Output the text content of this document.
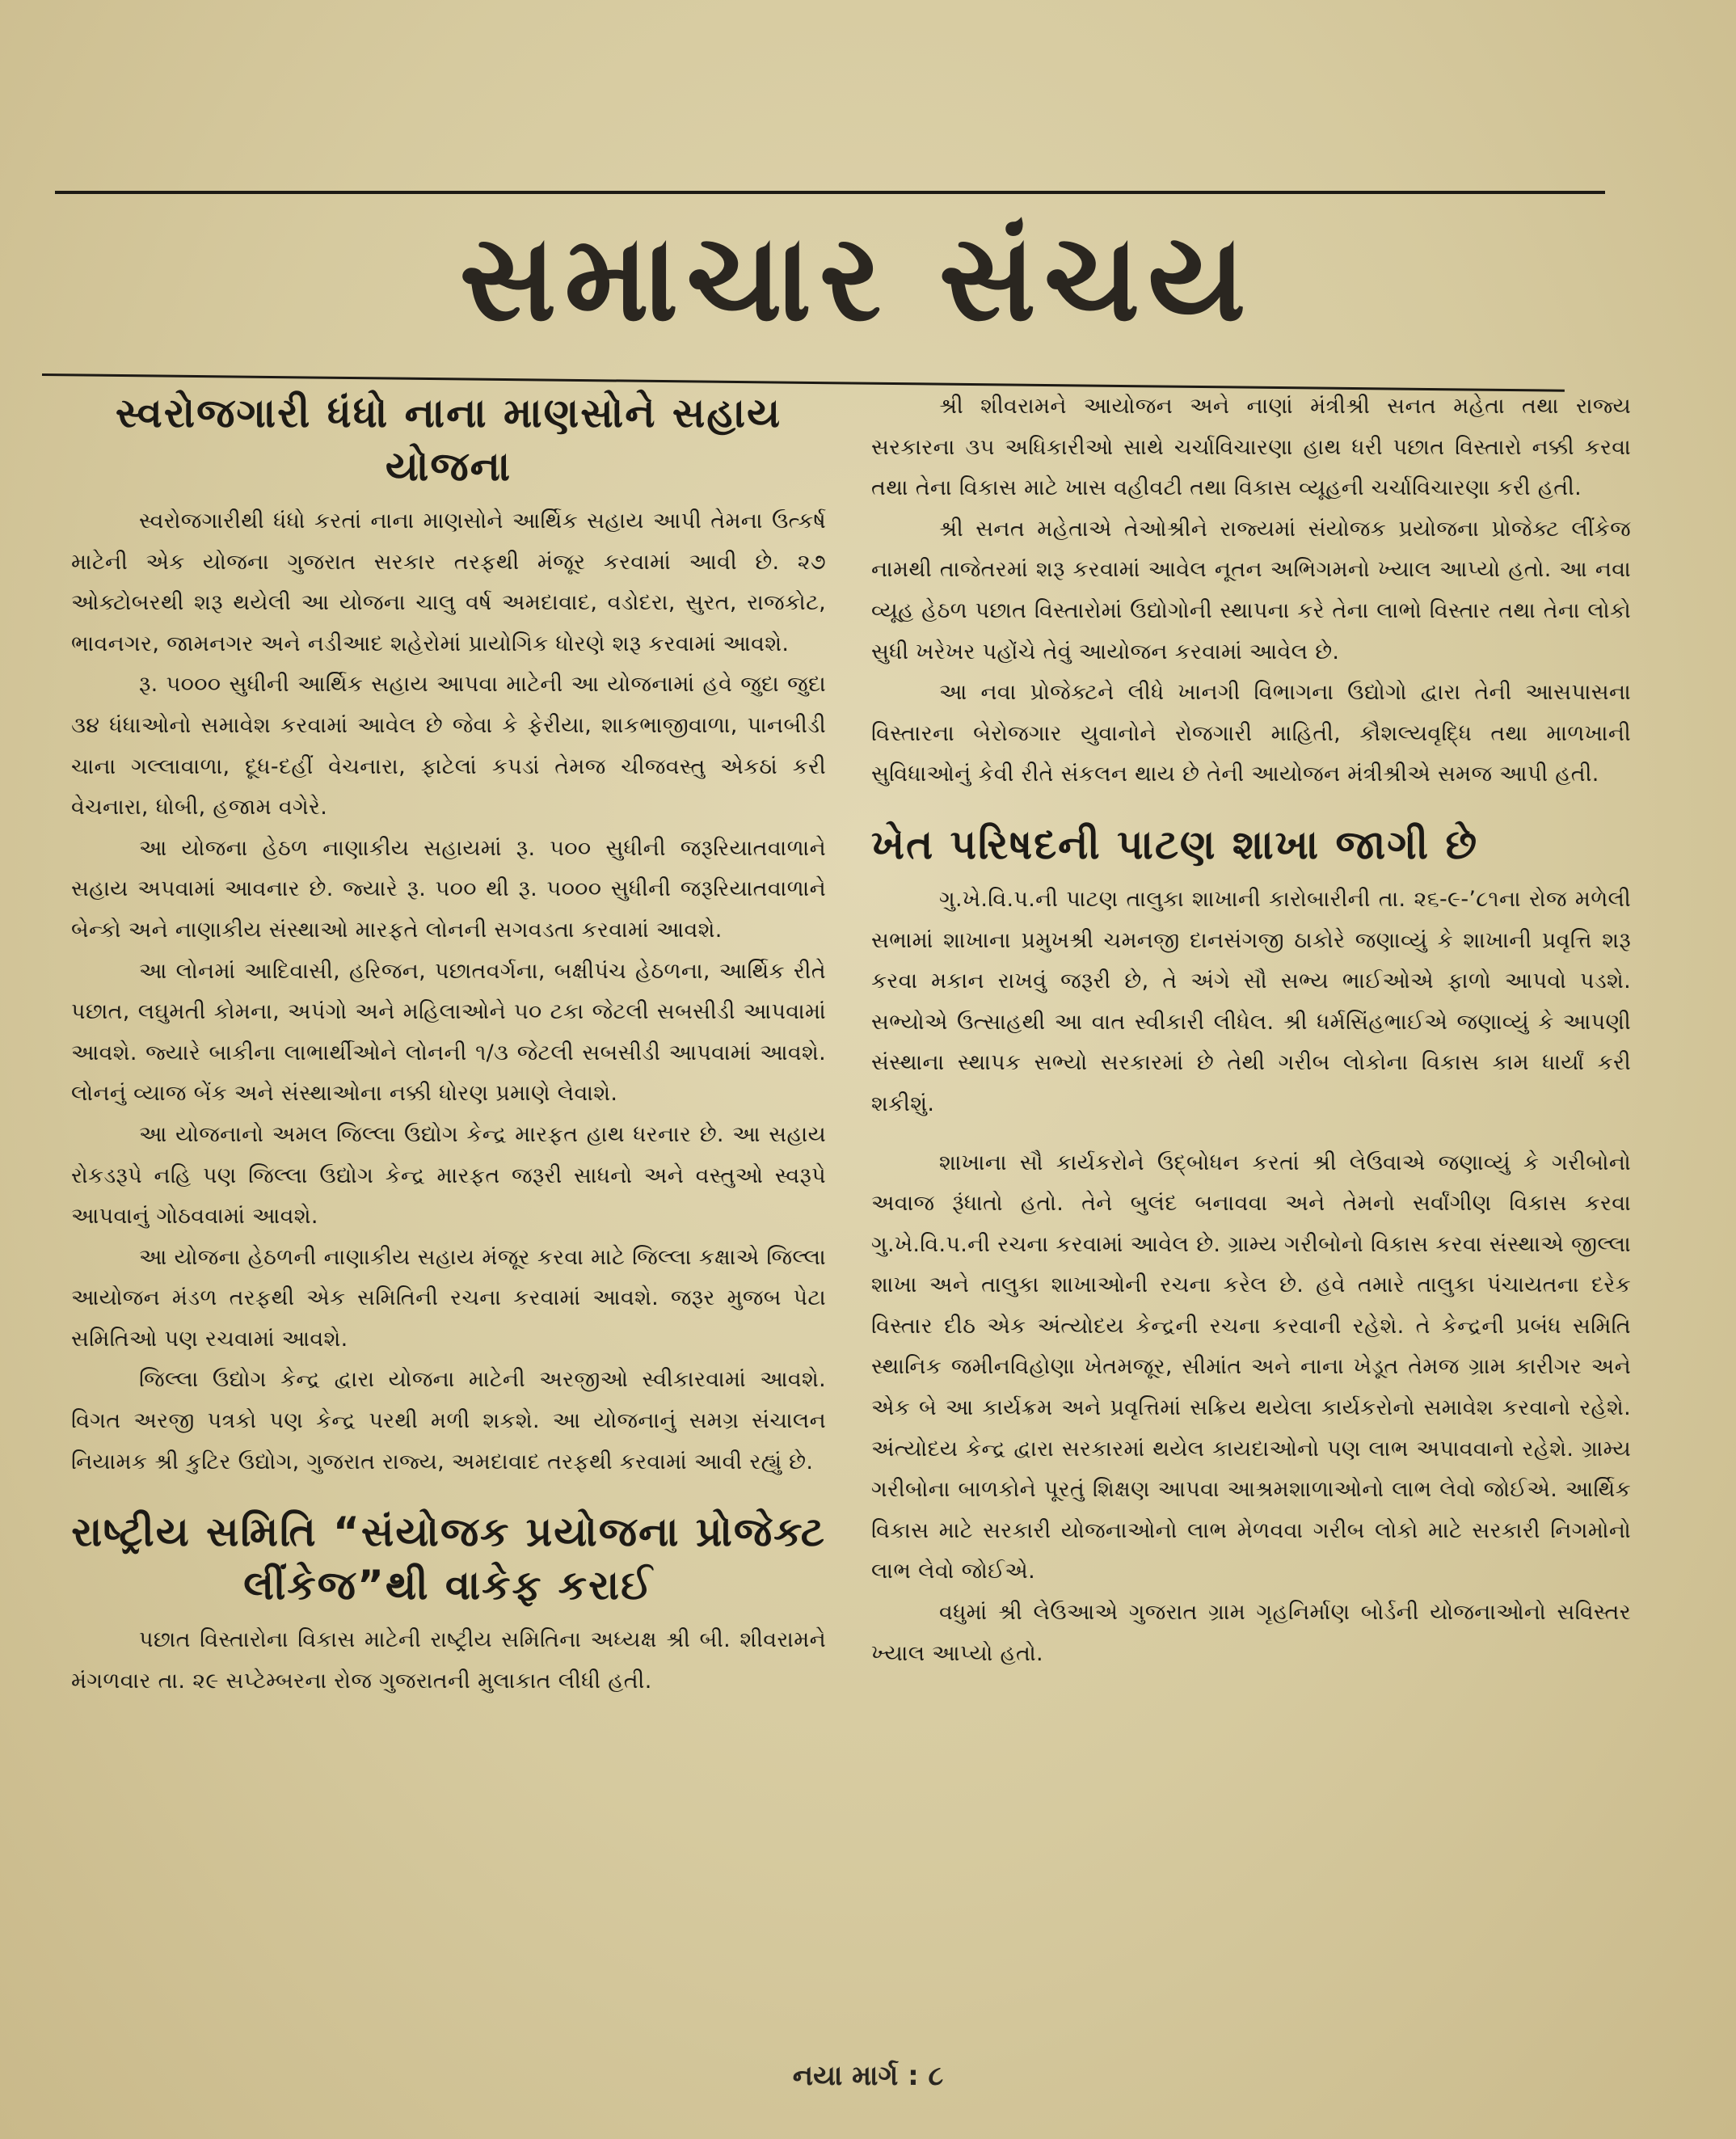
સમાચાર સંચય
સ્વરોજગારી ધંધો નાના માણસોને સહાય યોજના

સ્વરોજગારીથી ધંધો કરતાં નાના માણસોને આર્થિક સહાય આપી તેમના ઉત્કર્ષ માટેની એક યોજના ગુજરાત સરકાર તરફથી મંજૂર કરવામાં આવી છે. ૨૭ ઓક્ટોબરથી શરૂ થયેલી આ યોજના ચાલુ વર્ષ અમદાવાદ, વડોદરા, સુરત, રાજકોટ, ભાવનગર, જામનગર અને નડીઆદ શહેરોમાં પ્રાયોગિક ધોરણે શરૂ કરવામાં આવશે.

રૂ. ૫૦૦૦ સુધીની આર્થિક સહાય આપવા માટેની આ યોજનામાં હવે જુદા જુદા ૩૪ ધંધાઓનો સમાવેશ કરવામાં આવેલ છે જેવા કે ફેરીયા, શાકભાજીવાળા, પાનબીડી ચાના ગલ્લાવાળા, દૂધ-દહીં વેચનારા, ફાટેલાં કપડાં તેમજ ચીજવસ્તુ એકઠાં કરી વેચનારા, ધોબી, હજામ વગેરે.

આ યોજના હેઠળ નાણાકીય સહાયમાં રૂ. ૫૦૦ સુધીની જરૂરિયાતવાળાને સહાય અપવામાં આવનાર છે. જ્યારે રૂ. ૫૦૦ થી રૂ. ૫૦૦૦ સુધીની જરૂરિયાતવાળાને બેન્કો અને નાણાકીય સંસ્થાઓ મારફતે લોનની સગવડતા કરવામાં આવશે.

આ લોનમાં આદિવાસી, હરિજન, પછાતવર્ગના, બક્ષીપંચ હેઠળના, આર્થિક રીતે પછાત, લઘુમતી કોમના, અપંગો અને મહિલાઓને ૫૦ ટકા જેટલી સબસીડી આપવામાં આવશે. જ્યારે બાકીના લાભાર્થીઓને લોનની ૧/૩ જેટલી સબસીડી આપવામાં આવશે. લોનનું વ્યાજ બેંક અને સંસ્થાઓના નક્કી ધોરણ પ્રમાણે લેવાશે.

આ યોજનાનો અમલ જિલ્લા ઉદ્યોગ કેન્દ્ર મારફત હાથ ધરનાર છે. આ સહાય રોકડરૂપે નહિ પણ જિલ્લા ઉદ્યોગ કેન્દ્ર મારફત જરૂરી સાધનો અને વસ્તુઓ સ્વરૂપે આપવાનું ગોઠવવામાં આવશે.

આ યોજના હેઠળની નાણાકીય સહાય મંજૂર કરવા માટે જિલ્લા કક્ષાએ જિલ્લા આયોજન મંડળ તરફથી એક સમિતિની રચના કરવામાં આવશે. જરૂર મુજબ પેટા સમિતિઓ પણ રચવામાં આવશે.

જિલ્લા ઉદ્યોગ કેન્દ્ર દ્વારા યોજના માટેની અરજીઓ સ્વીકારવામાં આવશે. વિગત અરજી પત્રકો પણ કેન્દ્ર પરથી મળી શકશે. આ યોજનાનું સમગ્ર સંચાલન નિયામક શ્રી કુટિર ઉદ્યોગ, ગુજરાત રાજ્ય, અમદાવાદ તરફથી કરવામાં આવી રહ્યું છે.

રાષ્ટ્રીય સમિતિ “સંયોજક પ્રયોજના પ્રોજેક્ટ લીંકેજ”થી વાકેફ કરાઈ

પછાત વિસ્તારોના વિકાસ માટેની રાષ્ટ્રીય સમિતિના અધ્યક્ષ શ્રી બી. શીવરામને મંગળવાર તા. ૨૯ સપ્ટેમ્બરના રોજ ગુજરાતની મુલાકાત લીધી હતી.

શ્રી શીવરામને આયોજન અને નાણાં મંત્રીશ્રી સનત મહેતા તથા રાજ્ય સરકારના ૩૫ અધિકારીઓ સાથે ચર્ચાવિચારણા હાથ ધરી પછાત વિસ્તારો નક્કી કરવા તથા તેના વિકાસ માટે ખાસ વહીવટી તથા વિકાસ વ્યૂહની ચર્ચાવિચારણા કરી હતી.

શ્રી સનત મહેતાએ તેઓશ્રીને રાજ્યમાં સંયોજક પ્રયોજના પ્રોજેક્ટ લીંકેજ નામથી તાજેતરમાં શરૂ કરવામાં આવેલ નૂતન અભિગમનો ખ્યાલ આપ્યો હતો. આ નવા વ્યૂહ હેઠળ પછાત વિસ્તારોમાં ઉદ્યોગોની સ્થાપના કરે તેના લાભો વિસ્તાર તથા તેના લોકો સુધી ખરેખર પહોંચે તેવું આયોજન કરવામાં આવેલ છે.

આ નવા પ્રોજેક્ટને લીધે ખાનગી વિભાગના ઉદ્યોગો દ્વારા તેની આસપાસના વિસ્તારના બેરોજગાર યુવાનોને રોજગારી માહિતી, કૌશલ્યવૃદ્ધિ તથા માળખાની સુવિધાઓનું કેવી રીતે સંકલન થાય છે તેની આયોજન મંત્રીશ્રીએ સમજ આપી હતી.

ખેત પરિષદની પાટણ શાખા જાગી છે

ગુ.ખે.વિ.પ.ની પાટણ તાલુકા શાખાની કારોબારીની તા. ૨૬-૯-’૮૧ના રોજ મળેલી સભામાં શાખાના પ્રમુખશ્રી ચમનજી દાનસંગજી ઠાકોરે જણાવ્યું કે શાખાની પ્રવૃત્તિ શરૂ કરવા મકાન રાખવું જરૂરી છે, તે અંગે સૌ સભ્ય ભાઈઓએ ફાળો આપવો પડશે. સભ્યોએ ઉત્સાહથી આ વાત સ્વીકારી લીધેલ. શ્રી ધર્મસિંહભાઈએ જણાવ્યું કે આપણી સંસ્થાના સ્થાપક સભ્યો સરકારમાં છે તેથી ગરીબ લોકોના વિકાસ કામ ધાર્યાં કરી શકીશું.

શાખાના સૌ કાર્યકરોને ઉદ્બોધન કરતાં શ્રી લેઉવાએ જણાવ્યું કે ગરીબોનો અવાજ રૂંધાતો હતો. તેને બુલંદ બનાવવા અને તેમનો સર્વાંગીણ વિકાસ કરવા ગુ.ખે.વિ.પ.ની રચના કરવામાં આવેલ છે. ગ્રામ્ય ગરીબોનો વિકાસ કરવા સંસ્થાએ જીલ્લા શાખા અને તાલુકા શાખાઓની રચના કરેલ છે. હવે તમારે તાલુકા પંચાયતના દરેક વિસ્તાર દીઠ એક અંત્યોદય કેન્દ્રની રચના કરવાની રહેશે. તે કેન્દ્રની પ્રબંધ સમિતિ સ્થાનિક જમીનવિહોણા ખેતમજૂર, સીમાંત અને નાના ખેડૂત તેમજ ગ્રામ કારીગર અને એક બે આ કાર્યક્રમ અને પ્રવૃત્તિમાં સક્રિય થયેલા કાર્યકરોનો સમાવેશ કરવાનો રહેશે. અંત્યોદય કેન્દ્ર દ્વારા સરકારમાં થયેલ કાયદાઓનો પણ લાભ અપાવવાનો રહેશે. ગ્રામ્ય ગરીબોના બાળકોને પૂરતું શિક્ષણ આપવા આશ્રમશાળાઓનો લાભ લેવો જોઈએ. આર્થિક વિકાસ માટે સરકારી યોજનાઓનો લાભ મેળવવા ગરીબ લોકો માટે સરકારી નિગમોનો લાભ લેવો જોઈએ.

વધુમાં શ્રી લેઉઆએ ગુજરાત ગ્રામ ગૃહનિર્માણ બોર્ડની યોજનાઓનો સવિસ્તર ખ્યાલ આપ્યો હતો.

નયા માર્ગ : ૮
